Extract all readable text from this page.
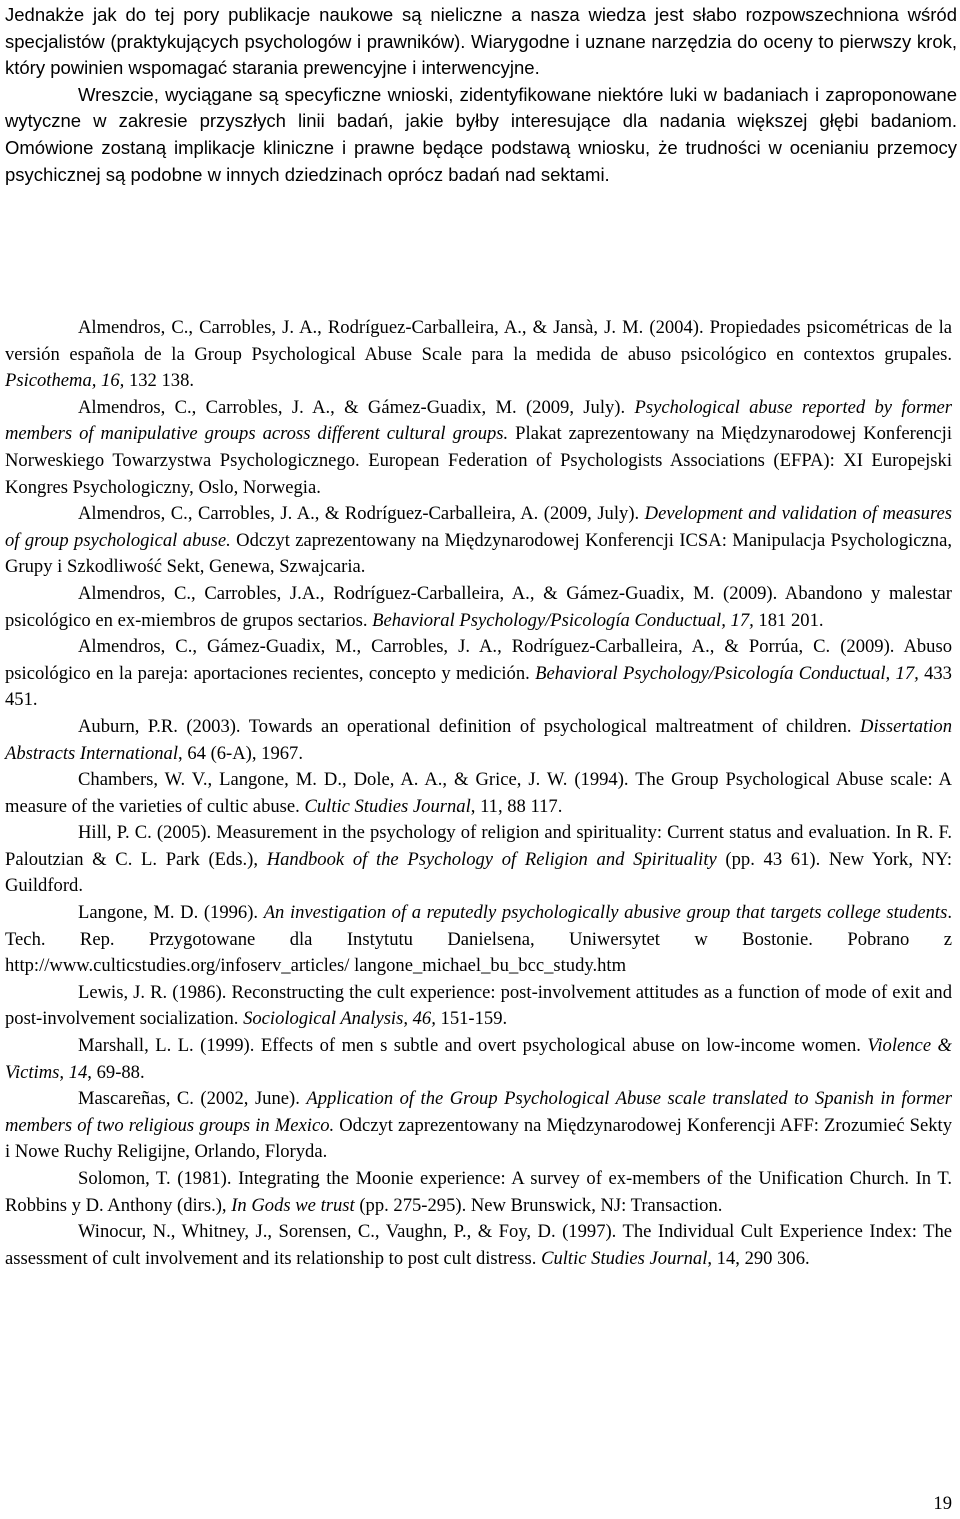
Jednakże jak do tej pory publikacje naukowe są nieliczne a nasza wiedza jest słabo rozpowszechniona wśród specjalistów (praktykujących psychologów i prawników). Wiarygodne i uznane narzędzia do oceny to pierwszy krok, który powinien wspomagać starania prewencyjne i interwencyjne.

Wreszcie, wyciągane są specyficzne wnioski, zidentyfikowane niektóre luki w badaniach i zaproponowane wytyczne w zakresie przyszłych linii badań, jakie byłby interesujące dla nadania większej głębi badaniom. Omówione zostaną implikacje kliniczne i prawne będące podstawą wniosku, że trudności w ocenianiu przemocy psychicznej są podobne w innych dziedzinach oprócz badań nad sektami.

Almendros, C., Carrobles, J. A., Rodríguez-Carballeira, A., & Jansà, J. M. (2004). Propiedades psicométricas de la versión española de la Group Psychological Abuse Scale para la medida de abuso psicológico en contextos grupales. Psicothema, 16, 132 138.

Almendros, C., Carrobles, J. A., & Gámez-Guadix, M. (2009, July). Psychological abuse reported by former members of manipulative groups across different cultural groups. Plakat zaprezentowany na Międzynarodowej Konferencji Norweskiego Towarzystwa Psychologicznego. European Federation of Psychologists Associations (EFPA): XI Europejski Kongres Psychologiczny, Oslo, Norwegia.

Almendros, C., Carrobles, J. A., & Rodríguez-Carballeira, A. (2009, July). Development and validation of measures of group psychological abuse. Odczyt zaprezentowany na Międzynarodowej Konferencji ICSA: Manipulacja Psychologiczna, Grupy i Szkodliwość Sekt, Genewa, Szwajcaria.

Almendros, C., Carrobles, J.A., Rodríguez-Carballeira, A., & Gámez-Guadix, M. (2009). Abandono y malestar psicológico en ex-miembros de grupos sectarios. Behavioral Psychology/Psicología Conductual, 17, 181 201.

Almendros, C., Gámez-Guadix, M., Carrobles, J. A., Rodríguez-Carballeira, A., & Porrúa, C. (2009). Abuso psicológico en la pareja: aportaciones recientes, concepto y medición. Behavioral Psychology/Psicología Conductual, 17, 433 451.

Auburn, P.R. (2003). Towards an operational definition of psychological maltreatment of children. Dissertation Abstracts International, 64 (6-A), 1967.

Chambers, W. V., Langone, M. D., Dole, A. A., & Grice, J. W. (1994). The Group Psychological Abuse scale: A measure of the varieties of cultic abuse. Cultic Studies Journal, 11, 88 117.

Hill, P. C. (2005). Measurement in the psychology of religion and spirituality: Current status and evaluation. In R. F. Paloutzian & C. L. Park (Eds.), Handbook of the Psychology of Religion and Spirituality (pp. 43 61). New York, NY: Guildford.

Langone, M. D. (1996). An investigation of a reputedly psychologically abusive group that targets college students. Tech. Rep. Przygotowane dla Instytutu Danielsena, Uniwersytet w Bostonie. Pobrano z http://www.culticstudies.org/infoserv_articles/ langone_michael_bu_bcc_study.htm

Lewis, J. R. (1986). Reconstructing the cult experience: post-involvement attitudes as a function of mode of exit and post-involvement socialization. Sociological Analysis, 46, 151-159.

Marshall, L. L. (1999). Effects of men s subtle and overt psychological abuse on low-income women. Violence & Victims, 14, 69-88.

Mascareñas, C. (2002, June). Application of the Group Psychological Abuse scale translated to Spanish in former members of two religious groups in Mexico. Odczyt zaprezentowany na Międzynarodowej Konferencji AFF: Zrozumieć Sekty i Nowe Ruchy Religijne, Orlando, Floryda.

Solomon, T. (1981). Integrating the Moonie experience: A survey of ex-members of the Unification Church. In T. Robbins y D. Anthony (dirs.), In Gods we trust (pp. 275-295). New Brunswick, NJ: Transaction.

Winocur, N., Whitney, J., Sorensen, C., Vaughn, P., & Foy, D. (1997). The Individual Cult Experience Index: The assessment of cult involvement and its relationship to post cult distress. Cultic Studies Journal, 14, 290 306.

19
